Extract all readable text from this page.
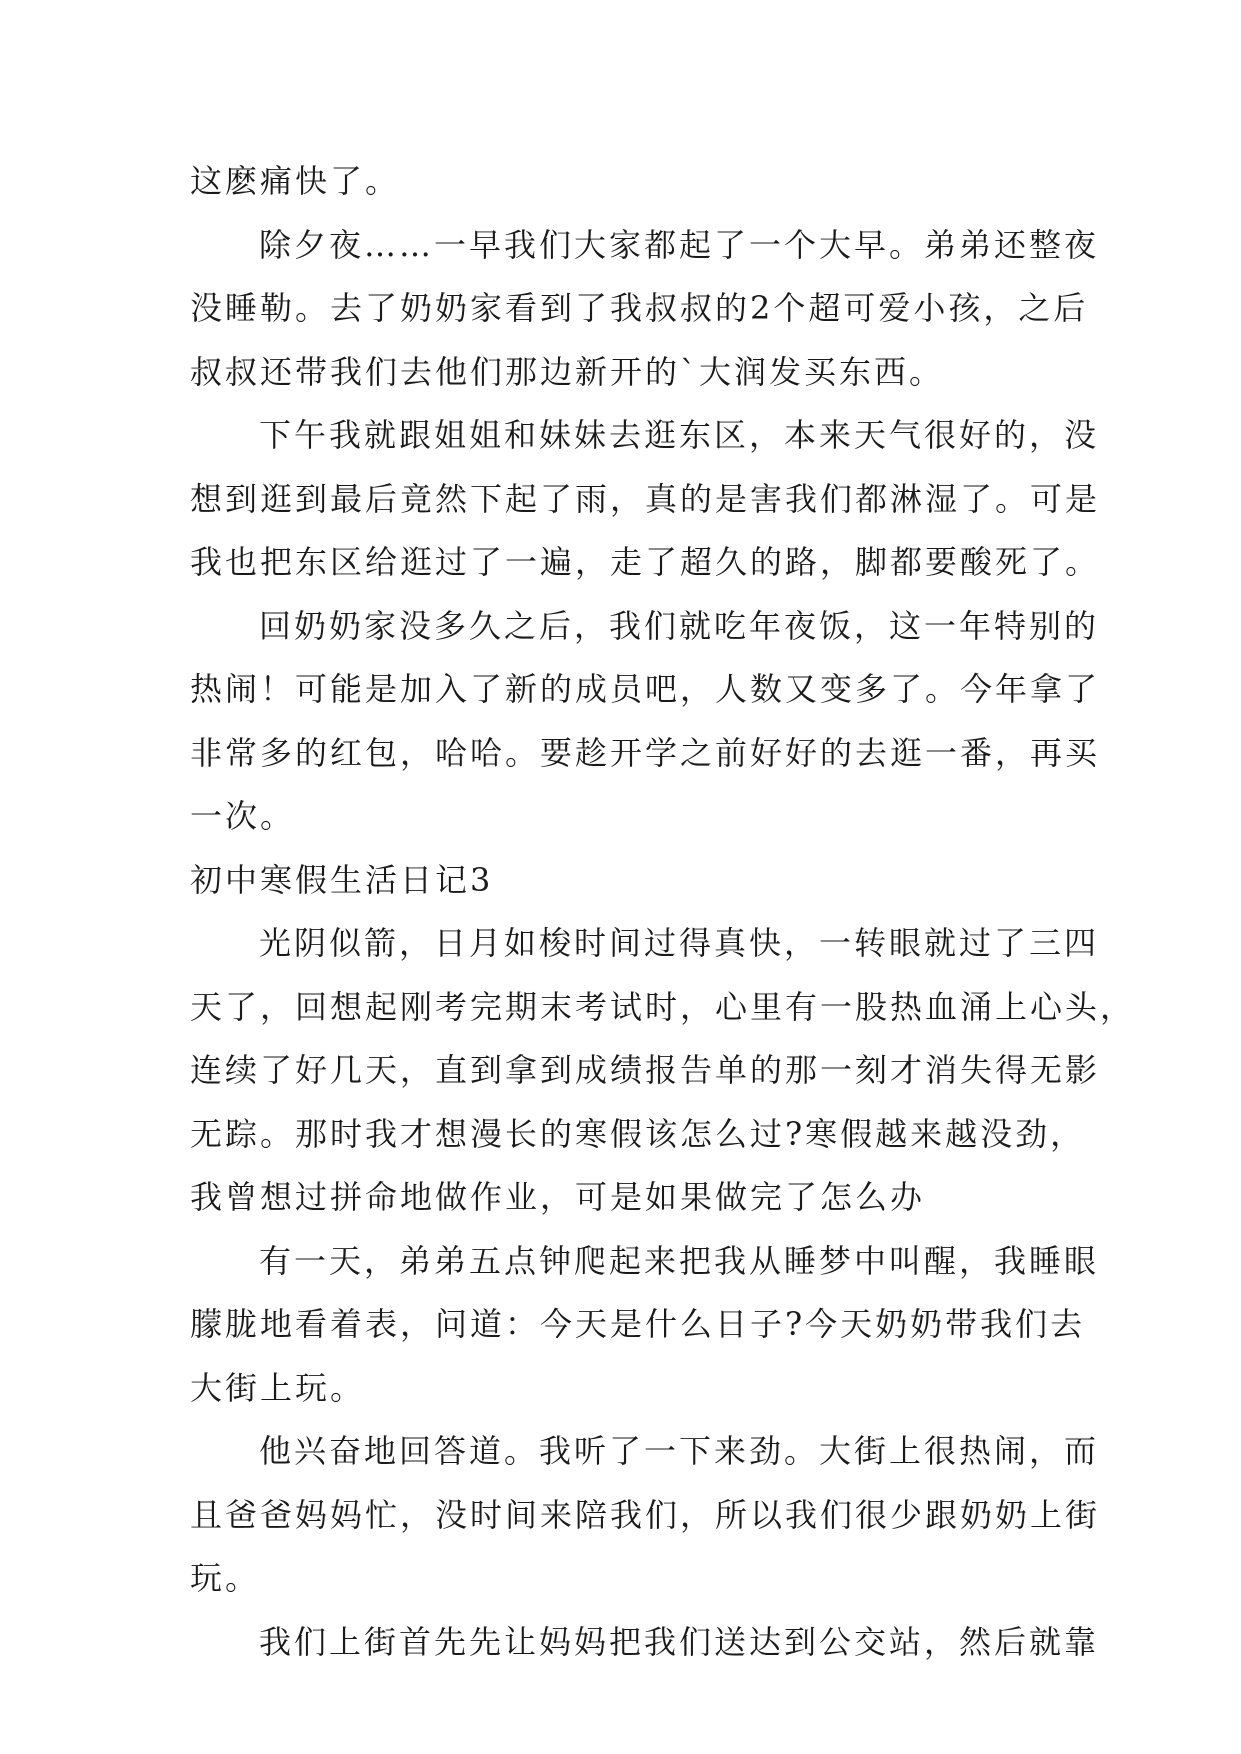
这麽痛快了。
除夕夜……一早我们大家都起了一个大早。弟弟还整夜
没睡勒。去了奶奶家看到了我叔叔的2个超可爱小孩，之后
叔叔还带我们去他们那边新开的`大润发买东西。
下午我就跟姐姐和妹妹去逛东区，本来天气很好的，没
想到逛到最后竟然下起了雨，真的是害我们都淋湿了。可是
我也把东区给逛过了一遍，走了超久的路，脚都要酸死了。
回奶奶家没多久之后，我们就吃年夜饭，这一年特别的
热闹！可能是加入了新的成员吧，人数又变多了。今年拿了
非常多的红包，哈哈。要趁开学之前好好的去逛一番，再买
一次。
初中寒假生活日记3
光阴似箭，日月如梭时间过得真快，一转眼就过了三四
天了，回想起刚考完期末考试时，心里有一股热血涌上心头，
连续了好几天，直到拿到成绩报告单的那一刻才消失得无影
无踪。那时我才想漫长的寒假该怎么过?寒假越来越没劲，
我曾想过拼命地做作业，可是如果做完了怎么办
有一天，弟弟五点钟爬起来把我从睡梦中叫醒，我睡眼
朦胧地看着表，问道：今天是什么日子?今天奶奶带我们去
大街上玩。
他兴奋地回答道。我听了一下来劲。大街上很热闹，而
且爸爸妈妈忙，没时间来陪我们，所以我们很少跟奶奶上街
玩。
我们上街首先先让妈妈把我们送达到公交站，然后就靠
